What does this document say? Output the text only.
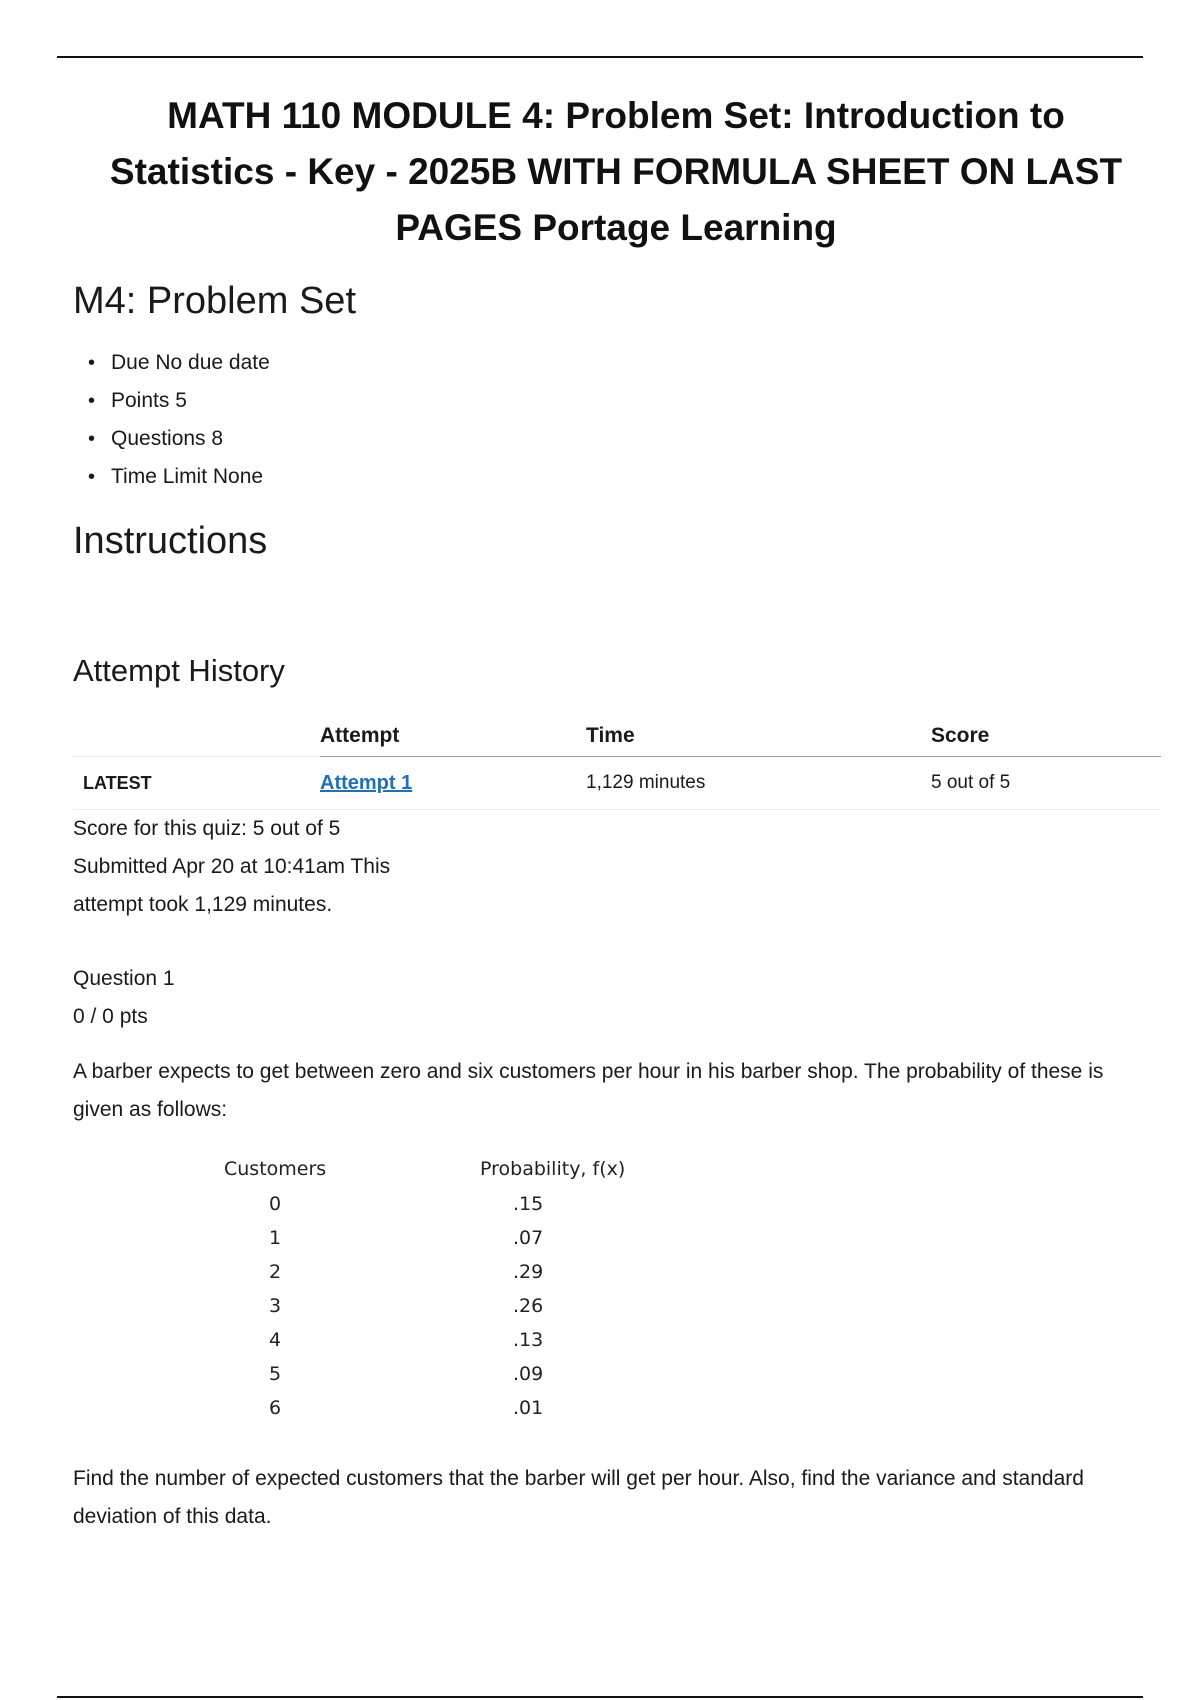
MATH 110 MODULE 4: Problem Set: Introduction to Statistics - Key - 2025B WITH FORMULA SHEET ON LAST PAGES Portage Learning
M4: Problem Set
• Due No due date
• Points 5
• Questions 8
• Time Limit None
Instructions
Attempt History
	Attempt	Time	Score
LATEST	Attempt 1	1,129 minutes	5 out of 5
Score for this quiz: 5 out of 5
Submitted Apr 20 at 10:41am This
attempt took 1,129 minutes.
Question 1
0 / 0 pts

A barber expects to get between zero and six customers per hour in his barber shop. The probability of these is given as follows:

Customers	Probability, f(x)
0	.15
1	.07
2	.29
3	.26
4	.13
5	.09
6	.01

Find the number of expected customers that the barber will get per hour. Also, find the variance and standard deviation of this data.
